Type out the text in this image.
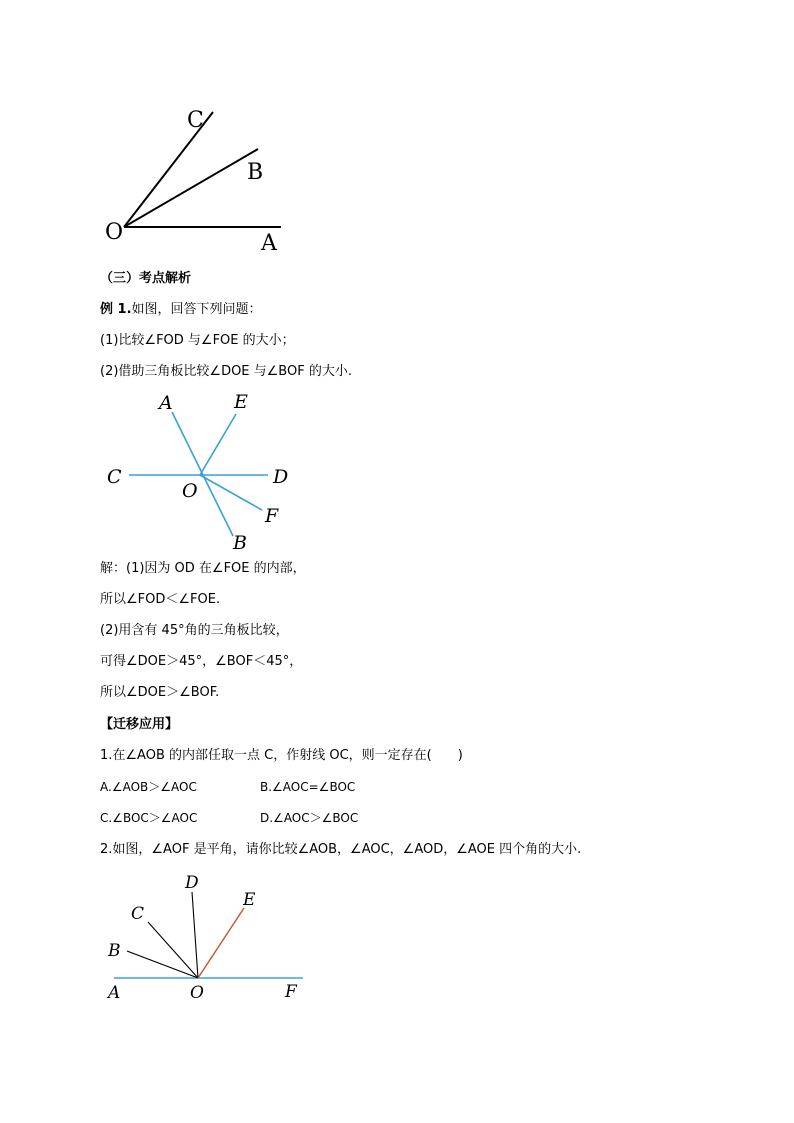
C
B
O	A
（三）考点解析
例 1.如图，回答下列问题：
(1)比较∠FOD 与∠FOE 的大小；
(2)借助三角板比较∠DOE 与∠BOF 的大小.
A	E
C
O
D
F
B
解：(1)因为 OD 在∠FOE 的内部，
所以∠FOD＜∠FOE.
(2)用含有 45°角的三角板比较，
可得∠DOE＞45°，∠BOF＜45°，
所以∠DOE＞∠BOF.
【迁移应用】
1.在∠AOB 的内部任取一点 C，作射线 OC，则一定存在(　　)
A.∠AOB＞∠AOC	B.∠AOC=∠BOC
C.∠BOC＞∠AOC	D.∠AOC＞∠BOC
2.如图，∠AOF 是平角，请你比较∠AOB，∠AOC，∠AOD，∠AOE 四个角的大小.
D
E
C
B
A	O	F
